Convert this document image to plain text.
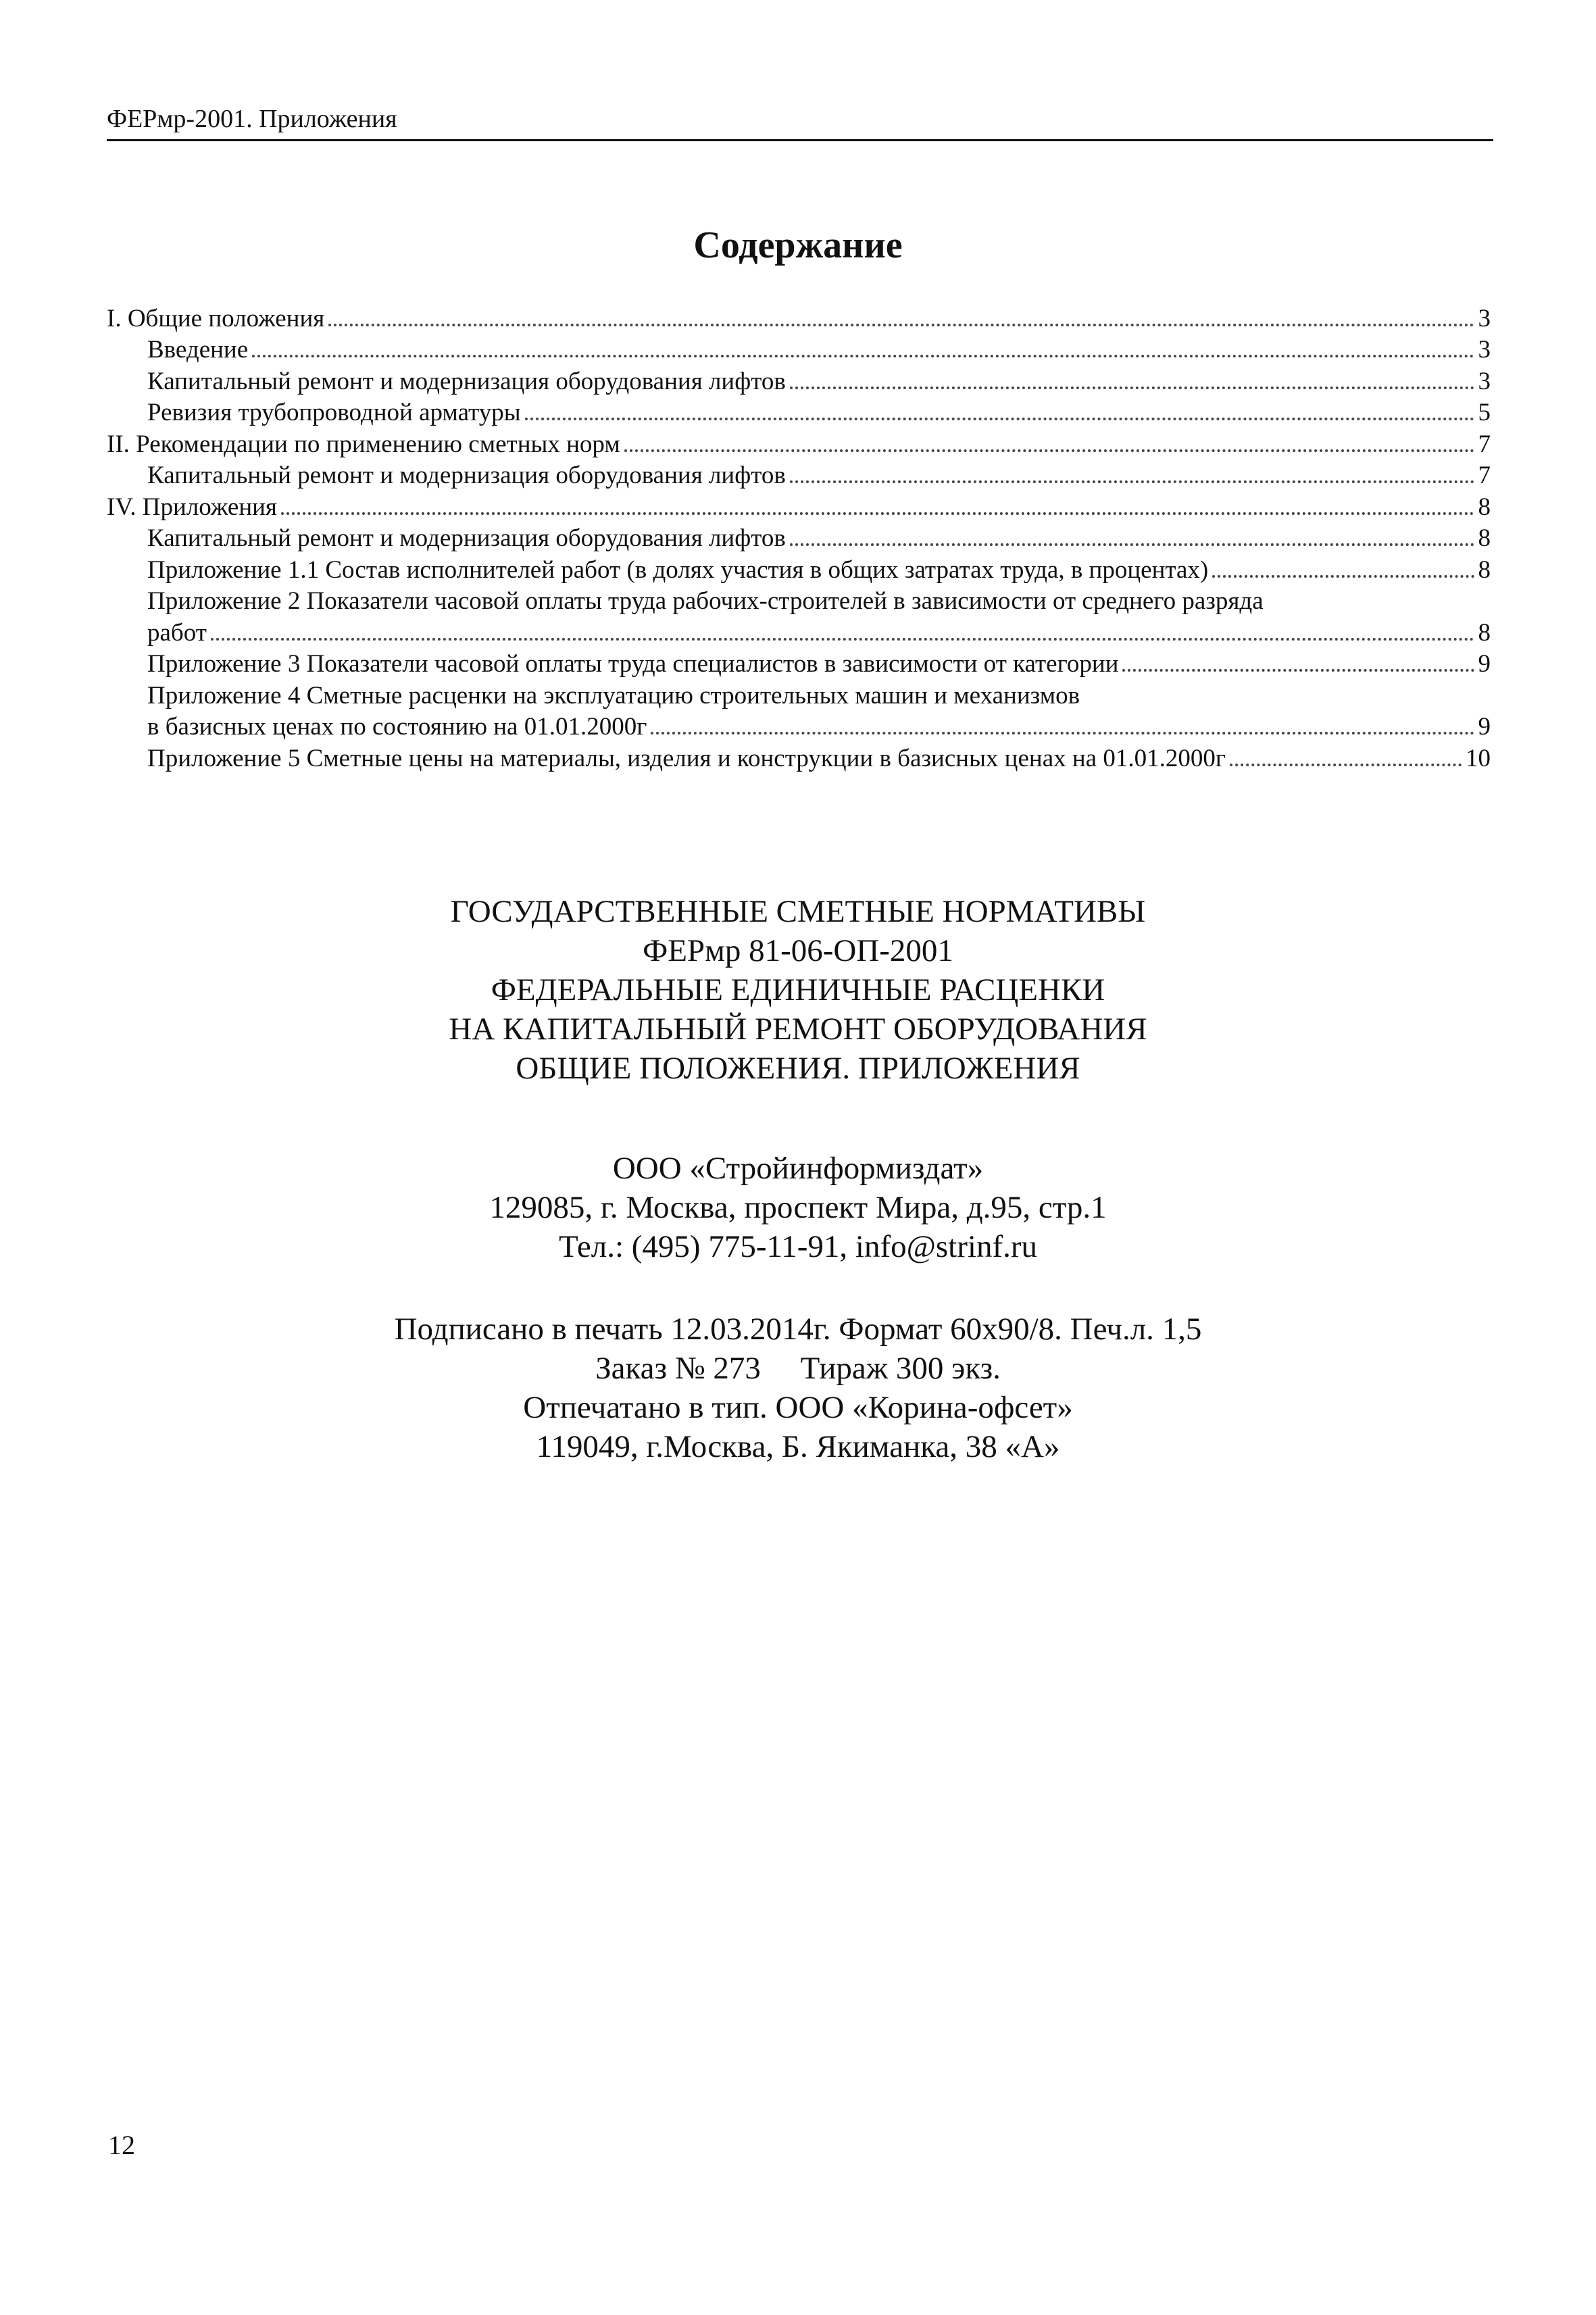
ФЕРмр-2001. Приложения
Содержание
I. Общие положения	3
Введение	3
Капитальный ремонт и модернизация оборудования лифтов	3
Ревизия трубопроводной арматуры	5
II. Рекомендации по применению сметных норм	7
Капитальный ремонт и модернизация оборудования лифтов	7
IV. Приложения	8
Капитальный ремонт и модернизация оборудования лифтов	8
Приложение 1.1 Состав исполнителей работ (в долях участия в общих затратах труда, в процентах)	8
Приложение 2 Показатели часовой оплаты труда рабочих-строителей в зависимости от среднего разряда
работ	8
Приложение 3 Показатели часовой оплаты труда специалистов в зависимости от категории	9
Приложение 4 Сметные расценки на эксплуатацию строительных машин и механизмов
в базисных ценах по состоянию на 01.01.2000г	9
Приложение 5 Сметные цены на материалы, изделия и конструкции в базисных ценах на 01.01.2000г	10
ГОСУДАРСТВЕННЫЕ СМЕТНЫЕ НОРМАТИВЫ
ФЕРмр 81-06-ОП-2001
ФЕДЕРАЛЬНЫЕ ЕДИНИЧНЫЕ РАСЦЕНКИ
НА КАПИТАЛЬНЫЙ РЕМОНТ ОБОРУДОВАНИЯ
ОБЩИЕ ПОЛОЖЕНИЯ. ПРИЛОЖЕНИЯ
ООО «Стройинформиздат»
129085, г. Москва, проспект Мира, д.95, стр.1
Тел.: (495) 775-11-91, info@strinf.ru
Подписано в печать 12.03.2014г. Формат 60x90/8. Печ.л. 1,5
Заказ № 273     Тираж 300 экз.
Отпечатано в тип. ООО «Корина-офсет»
119049, г.Москва, Б. Якиманка, 38 «А»
12
